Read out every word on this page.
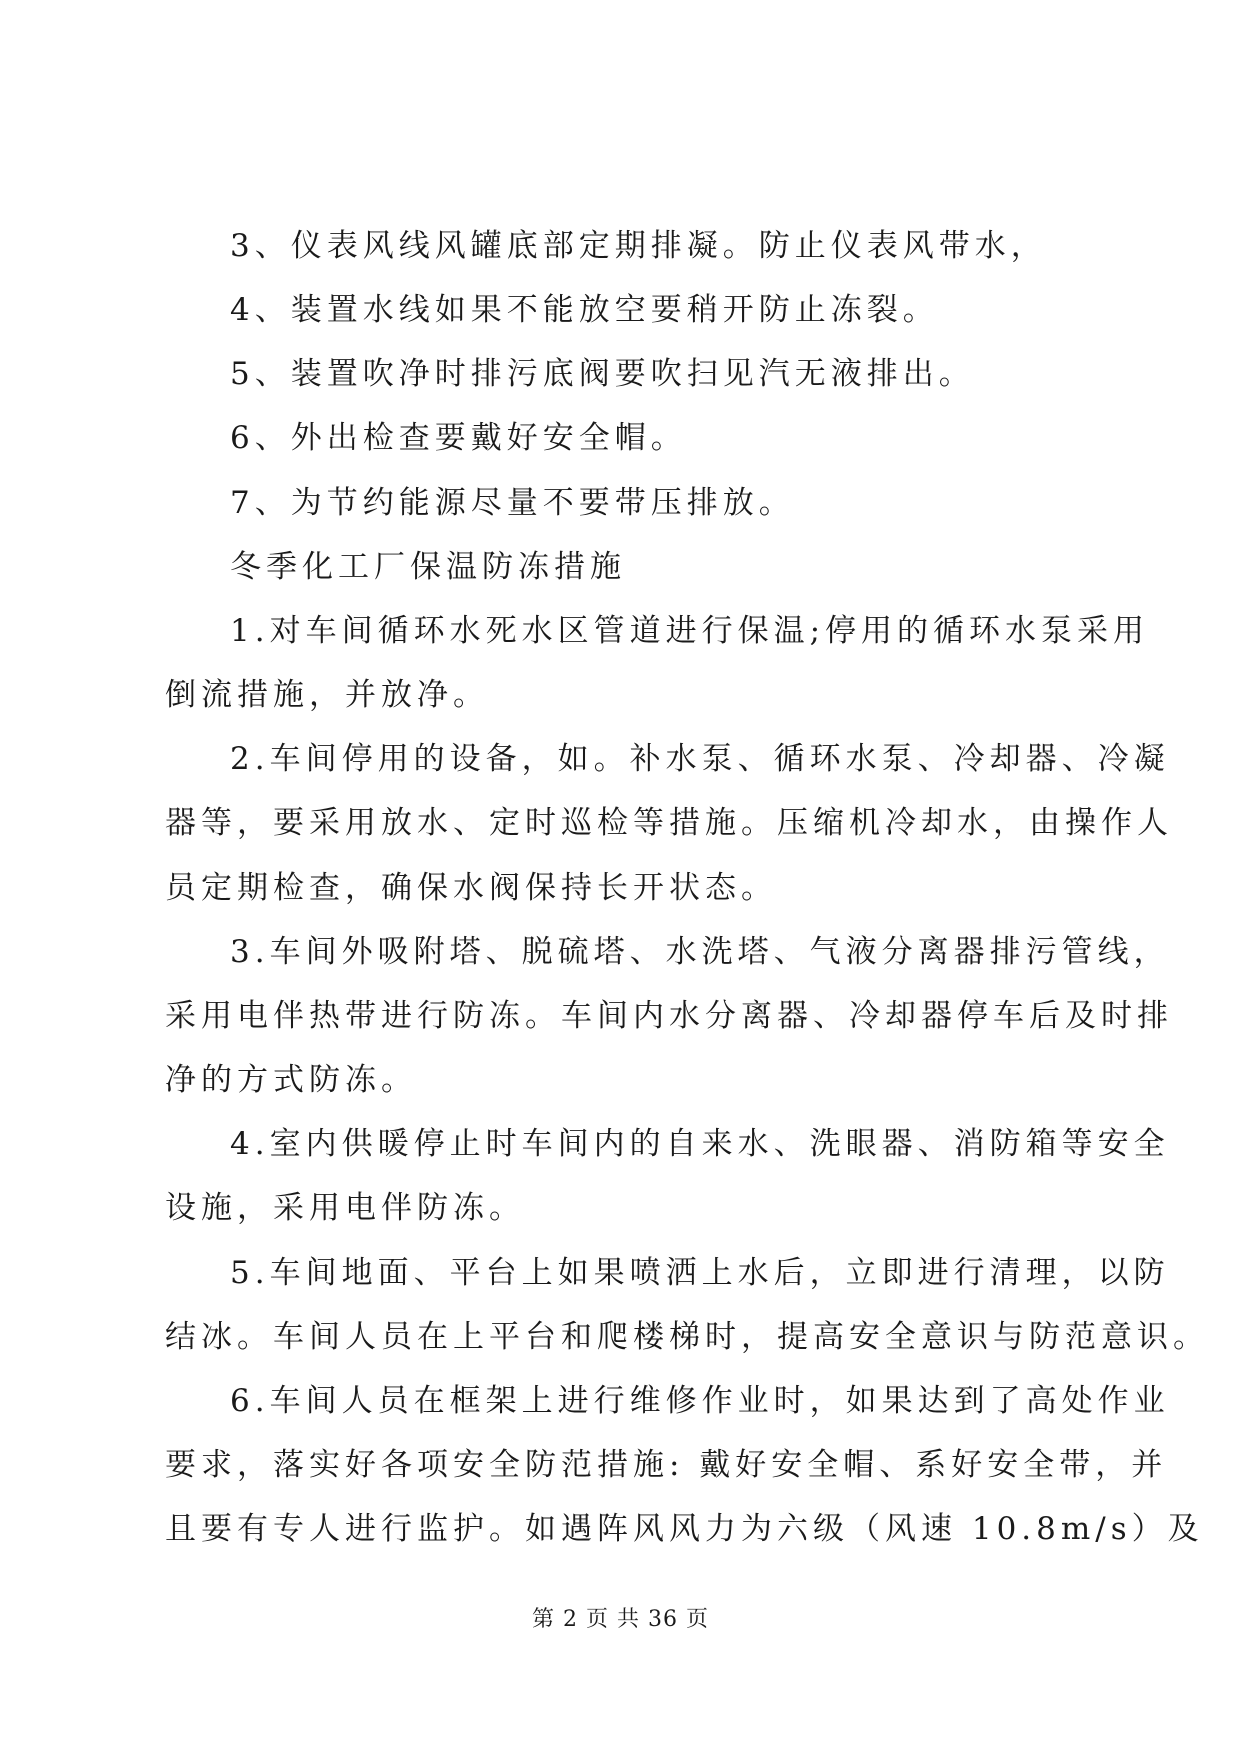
3、仪表风线风罐底部定期排凝。防止仪表风带水，
4、装置水线如果不能放空要稍开防止冻裂。
5、装置吹净时排污底阀要吹扫见汽无液排出。
6、外出检查要戴好安全帽。
7、为节约能源尽量不要带压排放。
冬季化工厂保温防冻措施
1.对车间循环水死水区管道进行保温;停用的循环水泵采用
倒流措施，并放净。
2.车间停用的设备，如。补水泵、循环水泵、冷却器、冷凝
器等，要采用放水、定时巡检等措施。压缩机冷却水，由操作人
员定期检查，确保水阀保持长开状态。
3.车间外吸附塔、脱硫塔、水洗塔、气液分离器排污管线，
采用电伴热带进行防冻。车间内水分离器、冷却器停车后及时排
净的方式防冻。
4.室内供暖停止时车间内的自来水、洗眼器、消防箱等安全
设施，采用电伴防冻。
5.车间地面、平台上如果喷洒上水后，立即进行清理，以防
结冰。车间人员在上平台和爬楼梯时，提高安全意识与防范意识。
6.车间人员在框架上进行维修作业时，如果达到了高处作业
要求，落实好各项安全防范措施: 戴好安全帽、系好安全带，并
且要有专人进行监护。如遇阵风风力为六级（风速 10.8m/s）及
第 2 页 共 36 页
